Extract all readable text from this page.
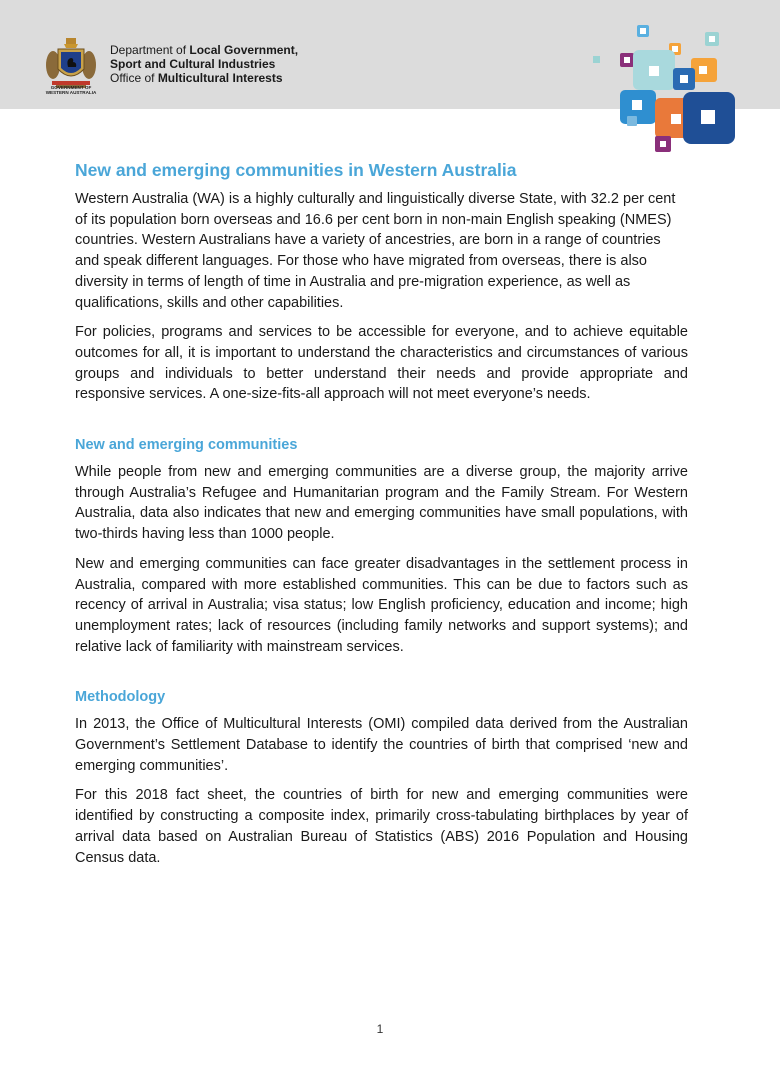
GOVERNMENT OF
WESTERN AUSTRALIA
Department of Local Government,
Sport and Cultural Industries
Office of Multicultural Interests
New and emerging communities in Western Australia

Western Australia (WA) is a highly culturally and linguistically diverse State, with 32.2 per cent of its population born overseas and 16.6 per cent born in non-main English speaking (NMES) countries. Western Australians have a variety of ancestries, are born in a range of countries and speak different languages. For those who have migrated from overseas, there is also diversity in terms of length of time in Australia and pre-migration experience, as well as qualifications, skills and other capabilities.

For policies, programs and services to be accessible for everyone, and to achieve equitable outcomes for all, it is important to understand the characteristics and circumstances of various groups and individuals to better understand their needs and provide appropriate and responsive services. A one-size-fits-all approach will not meet everyone’s needs.

New and emerging communities

While people from new and emerging communities are a diverse group, the majority arrive through Australia’s Refugee and Humanitarian program and the Family Stream. For Western Australia, data also indicates that new and emerging communities have small populations, with two-thirds having less than 1000 people.

New and emerging communities can face greater disadvantages in the settlement process in Australia, compared with more established communities. This can be due to factors such as recency of arrival in Australia; visa status; low English proficiency, education and income; high unemployment rates; lack of resources (including family networks and support systems); and relative lack of familiarity with mainstream services.

Methodology

In 2013, the Office of Multicultural Interests (OMI) compiled data derived from the Australian Government’s Settlement Database to identify the countries of birth that comprised ‘new and emerging communities’.

For this 2018 fact sheet, the countries of birth for new and emerging communities were identified by constructing a composite index, primarily cross-tabulating birthplaces by year of arrival data based on Australian Bureau of Statistics (ABS) 2016 Population and Housing Census data.

1
